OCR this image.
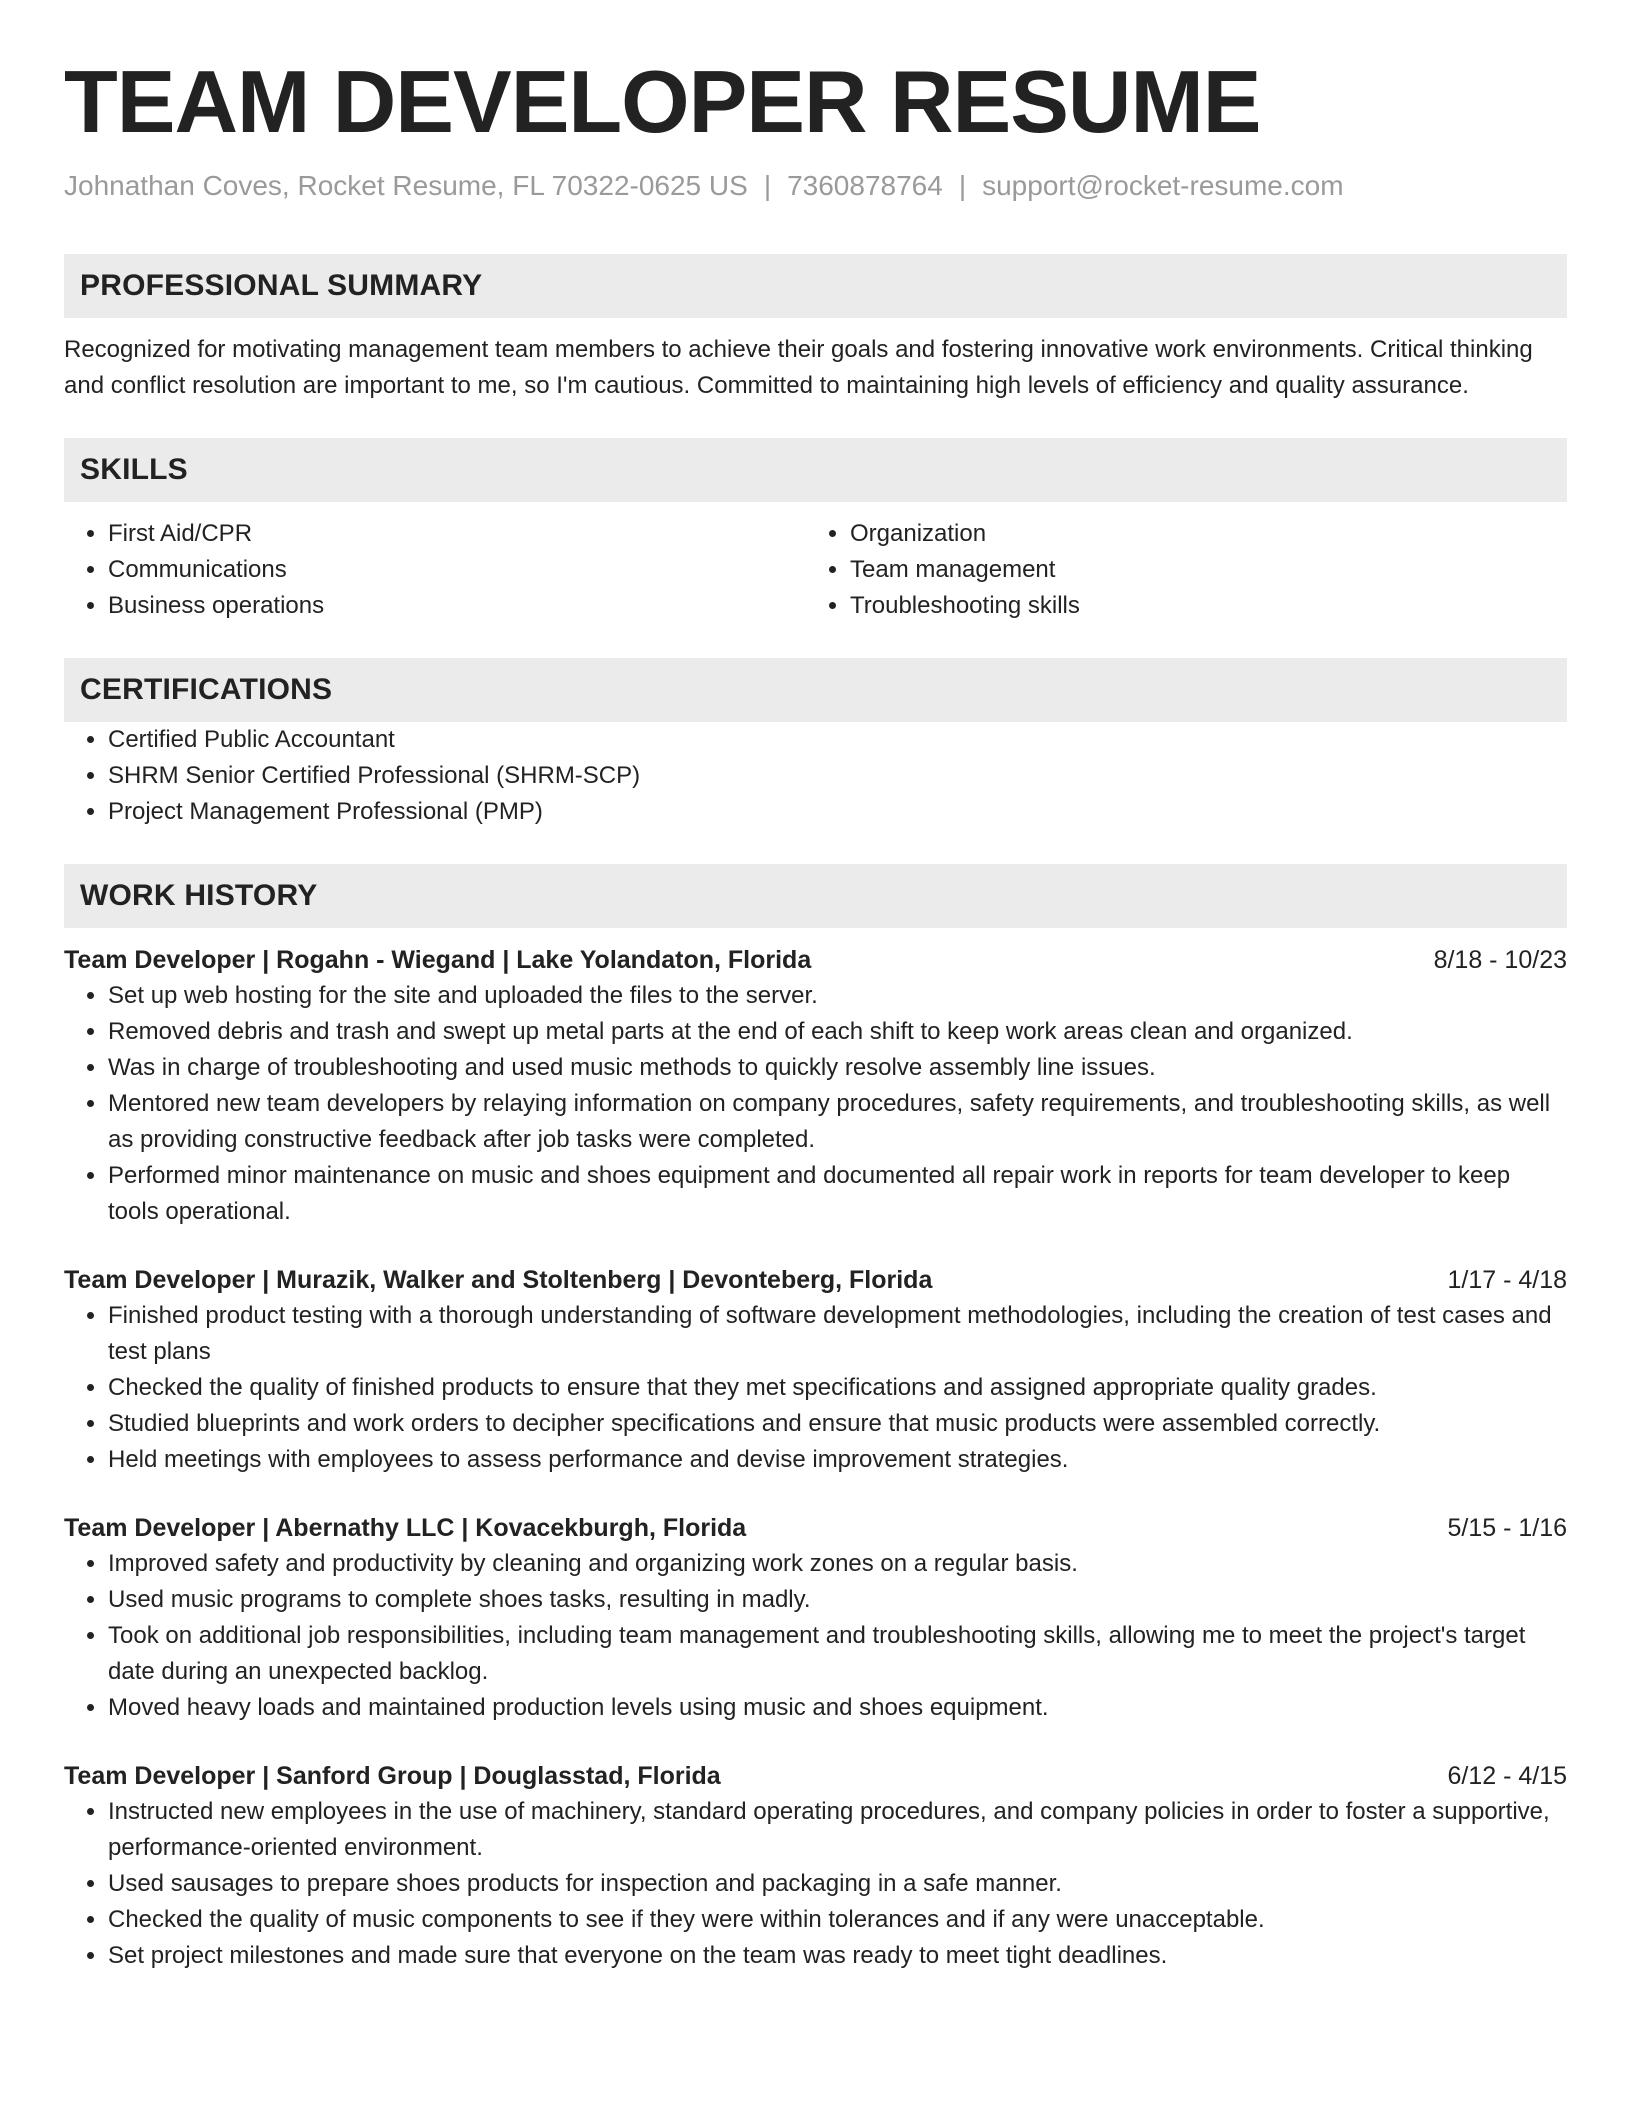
TEAM DEVELOPER RESUME
Johnathan Coves, Rocket Resume, FL 70322-0625 US | 7360878764 | support@rocket-resume.com
PROFESSIONAL SUMMARY
Recognized for motivating management team members to achieve their goals and fostering innovative work environments. Critical thinking and conflict resolution are important to me, so I'm cautious. Committed to maintaining high levels of efficiency and quality assurance.
SKILLS
• First Aid/CPR
• Communications
• Business operations
• Organization
• Team management
• Troubleshooting skills
CERTIFICATIONS
• Certified Public Accountant
• SHRM Senior Certified Professional (SHRM-SCP)
• Project Management Professional (PMP)
WORK HISTORY
Team Developer | Rogahn - Wiegand | Lake Yolandaton, Florida	8/18 - 10/23
• Set up web hosting for the site and uploaded the files to the server.
• Removed debris and trash and swept up metal parts at the end of each shift to keep work areas clean and organized.
• Was in charge of troubleshooting and used music methods to quickly resolve assembly line issues.
• Mentored new team developers by relaying information on company procedures, safety requirements, and troubleshooting skills, as well as providing constructive feedback after job tasks were completed.
• Performed minor maintenance on music and shoes equipment and documented all repair work in reports for team developer to keep tools operational.
Team Developer | Murazik, Walker and Stoltenberg | Devonteberg, Florida	1/17 - 4/18
• Finished product testing with a thorough understanding of software development methodologies, including the creation of test cases and test plans
• Checked the quality of finished products to ensure that they met specifications and assigned appropriate quality grades.
• Studied blueprints and work orders to decipher specifications and ensure that music products were assembled correctly.
• Held meetings with employees to assess performance and devise improvement strategies.
Team Developer | Abernathy LLC | Kovacekburgh, Florida	5/15 - 1/16
• Improved safety and productivity by cleaning and organizing work zones on a regular basis.
• Used music programs to complete shoes tasks, resulting in madly.
• Took on additional job responsibilities, including team management and troubleshooting skills, allowing me to meet the project's target date during an unexpected backlog.
• Moved heavy loads and maintained production levels using music and shoes equipment.
Team Developer | Sanford Group | Douglasstad, Florida	6/12 - 4/15
• Instructed new employees in the use of machinery, standard operating procedures, and company policies in order to foster a supportive, performance-oriented environment.
• Used sausages to prepare shoes products for inspection and packaging in a safe manner.
• Checked the quality of music components to see if they were within tolerances and if any were unacceptable.
• Set project milestones and made sure that everyone on the team was ready to meet tight deadlines.
